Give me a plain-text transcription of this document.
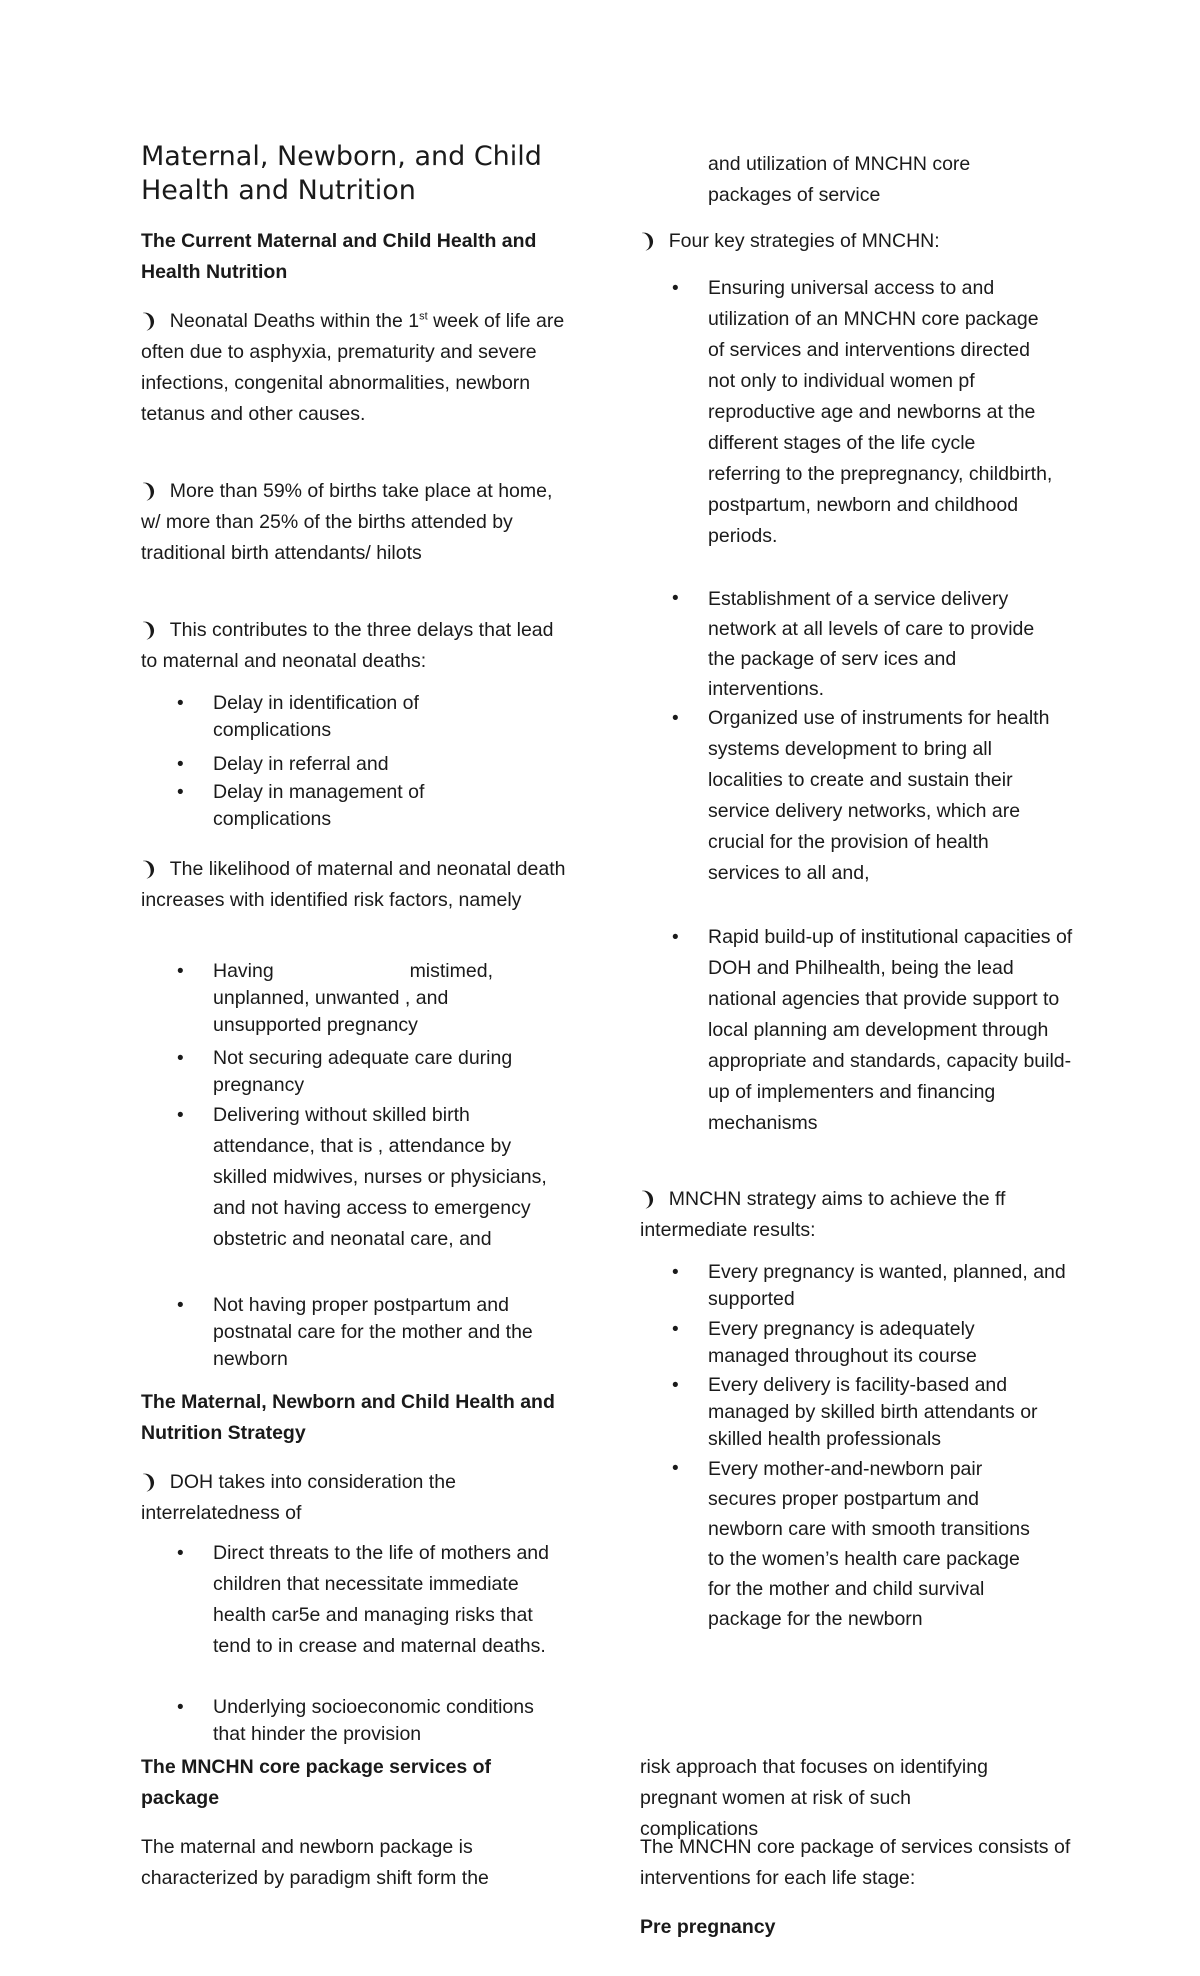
Maternal, Newborn, and Child
Health and Nutrition
The Current Maternal and Child Health and
Health Nutrition
❩ Neonatal Deaths within the 1st week of life are often due to asphyxia, prematurity and severe infections, congenital abnormalities, newborn tetanus and other causes.
❩ More than 59% of births take place at home, w/ more than 25% of the births attended by traditional birth attendants/ hilots
❩ This contributes to the three delays that lead to maternal and neonatal deaths:
• Delay in identification of complications
• Delay in referral and
• Delay in management of complications
❩ The likelihood of maternal and neonatal death increases with identified risk factors, namely
• Having	mistimed,
unplanned, unwanted , and unsupported pregnancy
• Not securing adequate care during pregnancy
• Delivering without skilled birth attendance, that is , attendance by skilled midwives, nurses or physicians, and not having access to emergency obstetric and neonatal care, and
• Not having proper postpartum and postnatal care for the mother and the newborn
The Maternal, Newborn and Child Health and Nutrition Strategy
❩ DOH takes into consideration the interrelatedness of
• Direct threats to the life of mothers and children that necessitate immediate health car5e and managing risks that tend to in crease and maternal deaths.
• Underlying socioeconomic conditions that hinder the provision
The MNCHN core package services of package
The maternal and newborn package is characterized by paradigm shift form the
and utilization of MNCHN core packages of service
❩ Four key strategies of MNCHN:
• Ensuring universal access to and utilization of an MNCHN core package of services and interventions directed not only to individual women pf reproductive age and newborns at the different stages of the life cycle referring to the prepregnancy, childbirth, postpartum, newborn and childhood periods.
• Establishment of a service delivery network at all levels of care to provide the package of serv ices and interventions.
• Organized use of instruments for health systems development to bring all localities to create and sustain their service delivery networks, which are crucial for the provision of health services to all and,
• Rapid build-up of institutional capacities of DOH and Philhealth, being the lead national agencies that provide support to local planning am development through appropriate and standards, capacity build-up of implementers and financing mechanisms
❩ MNCHN strategy aims to achieve the ff intermediate results:
• Every pregnancy is wanted, planned, and supported
• Every pregnancy is adequately managed throughout its course
• Every delivery is facility-based and managed by skilled birth attendants or skilled health professionals
• Every mother-and-newborn pair secures proper postpartum and newborn care with smooth transitions to the women’s health care package for the mother and child survival package for the newborn
risk approach that focuses on identifying pregnant women at risk of such complications
The MNCHN core package of services consists of interventions for each life stage:
Pre pregnancy
